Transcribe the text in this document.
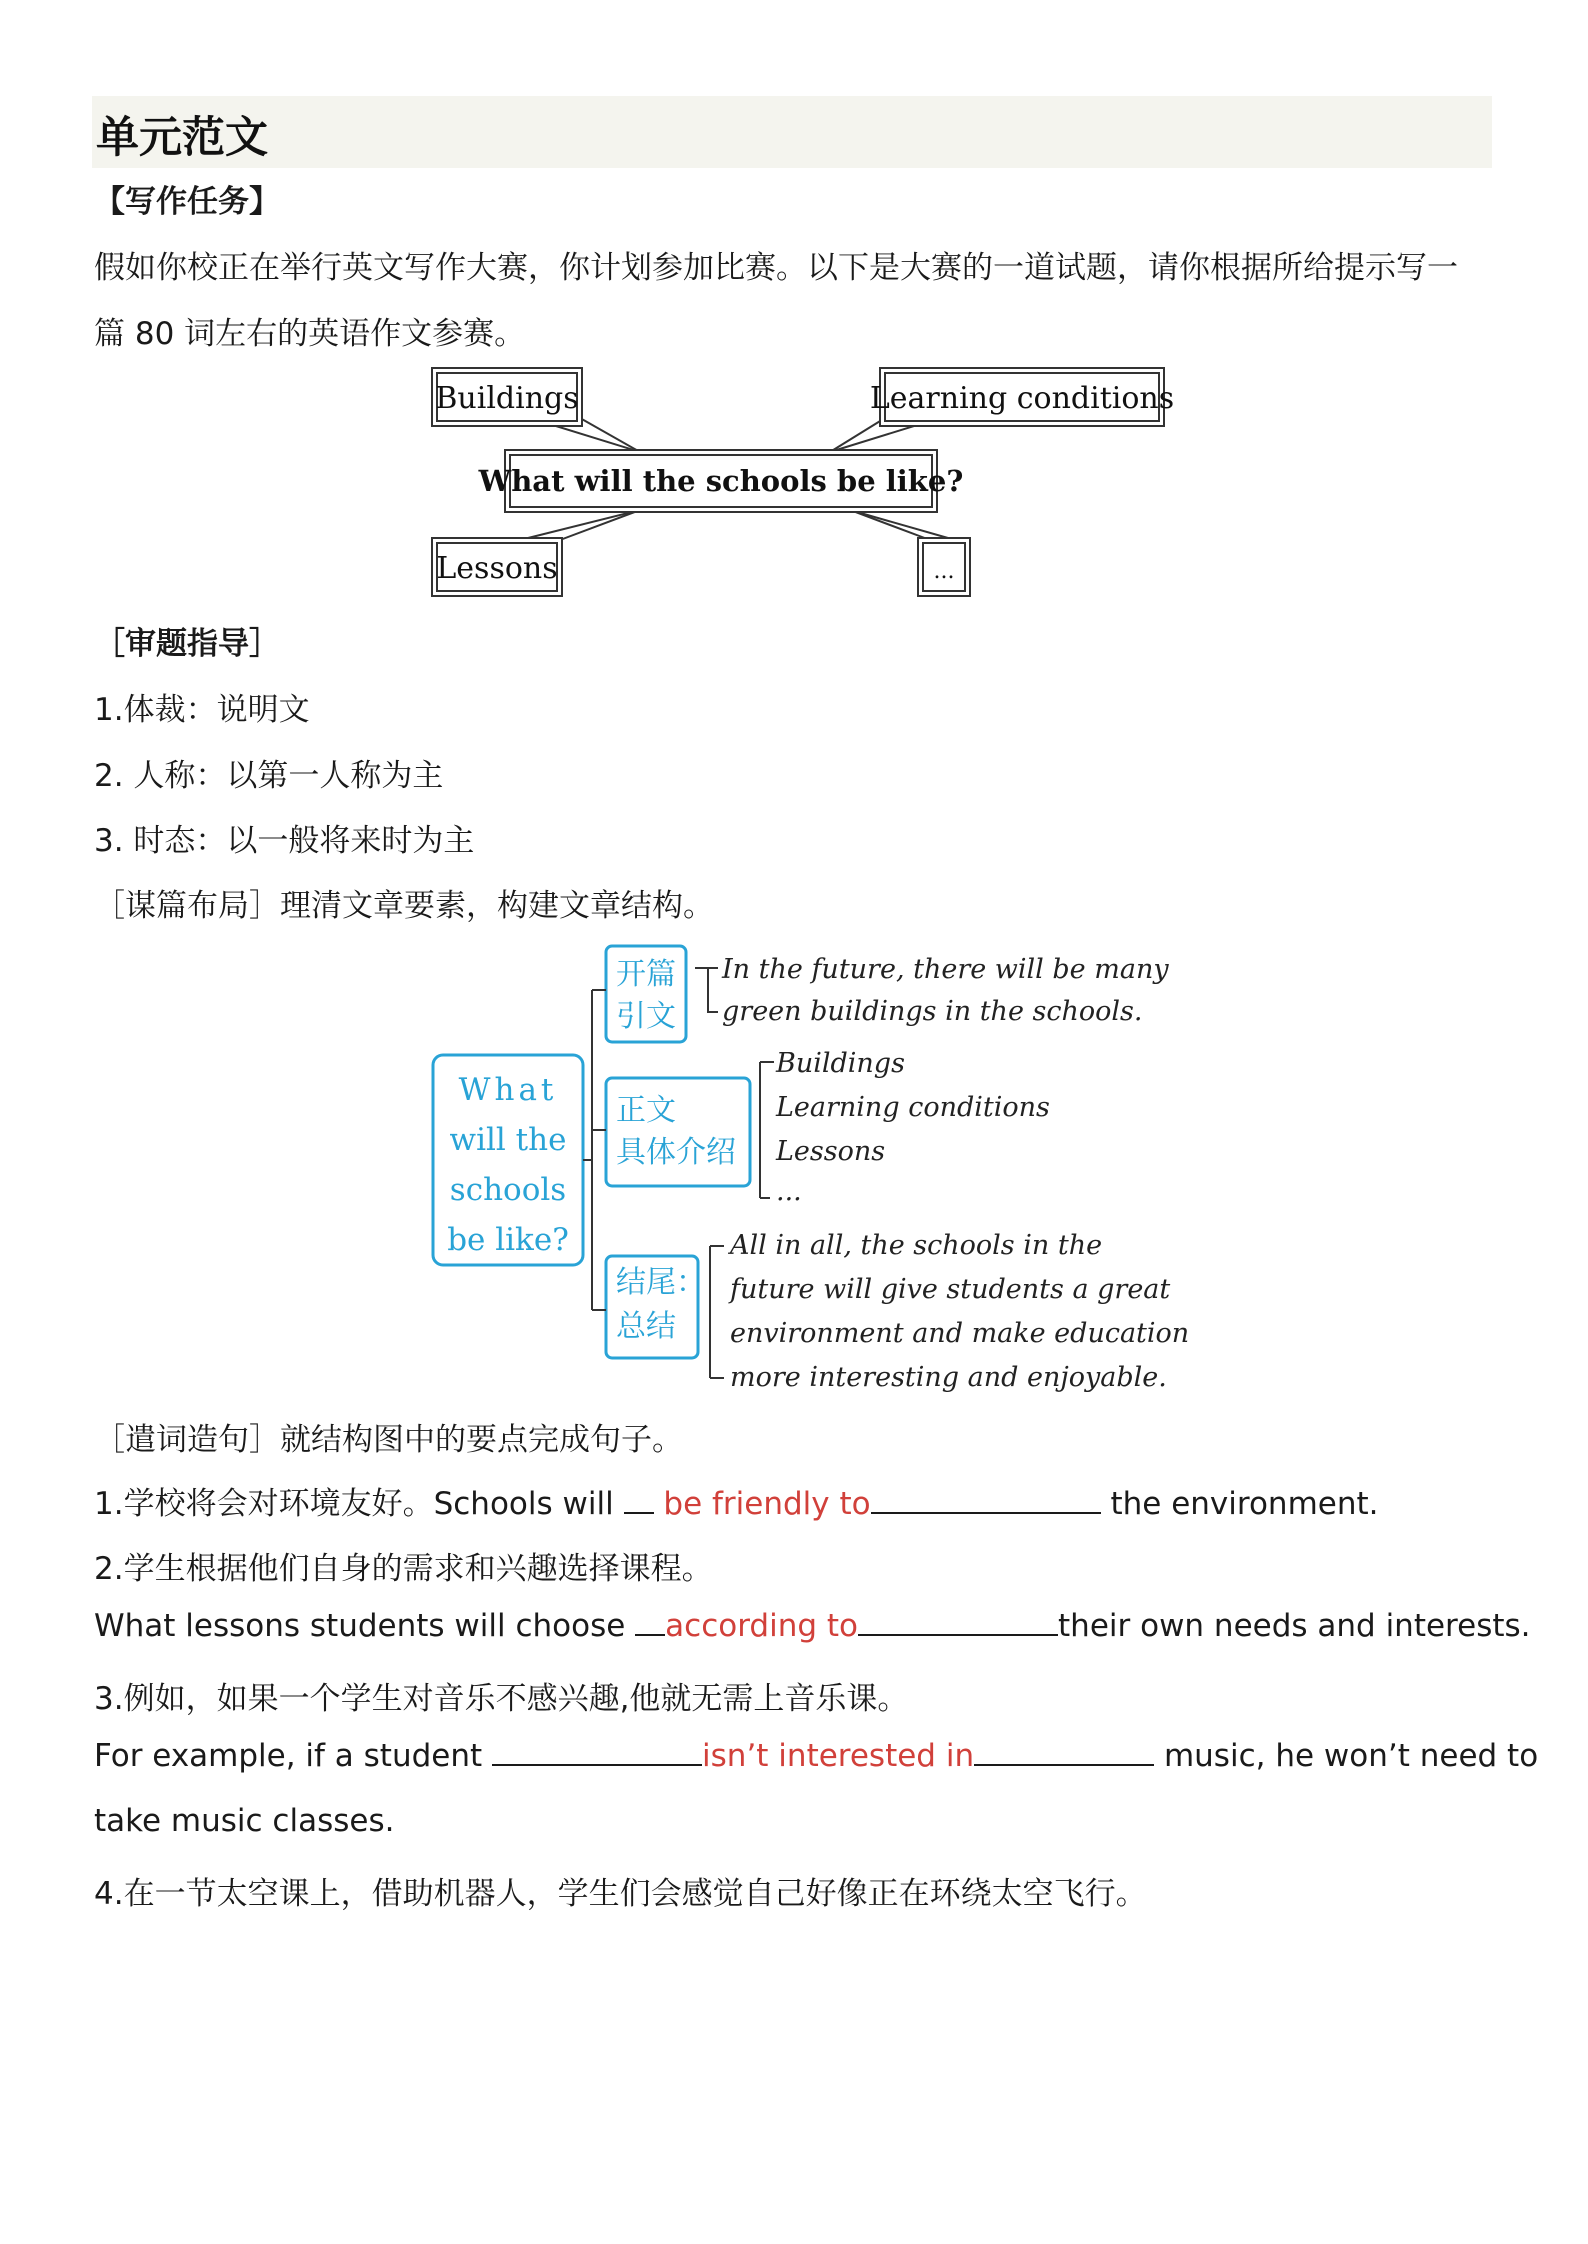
单元范文
【写作任务】
假如你校正在举行英文写作大赛，你计划参加比赛。以下是大赛的一道试题，请你根据所给提示写一
篇 80 词左右的英语作文参赛。
Buildings	Learning conditions
What will the schools be like?
Lessons	...
［审题指导］
1.体裁：说明文
2. 人称：以第一人称为主
3. 时态：以一般将来时为主
［谋篇布局］理清文章要素，构建文章结构。
What
will the
schools
be like?
开篇
引文
正文
具体介绍
结尾：
总结
In the future, there will be many
green buildings in the schools.
Buildings
Learning conditions
Lessons
...
All in all, the schools in the
future will give students a great
environment and make education
more interesting and enjoyable.
［遣词造句］就结构图中的要点完成句子。
1.学校将会对环境友好。Schools will  be friendly to	the environment.
2.学生根据他们自身的需求和兴趣选择课程。
What lessons students will choose according to	their own needs and interests.
3.例如，如果一个学生对音乐不感兴趣,他就无需上音乐课。
For example, if a student	isn’t interested in	music, he won’t need to
take music classes.
4.在一节太空课上，借助机器人，学生们会感觉自己好像正在环绕太空飞行。
